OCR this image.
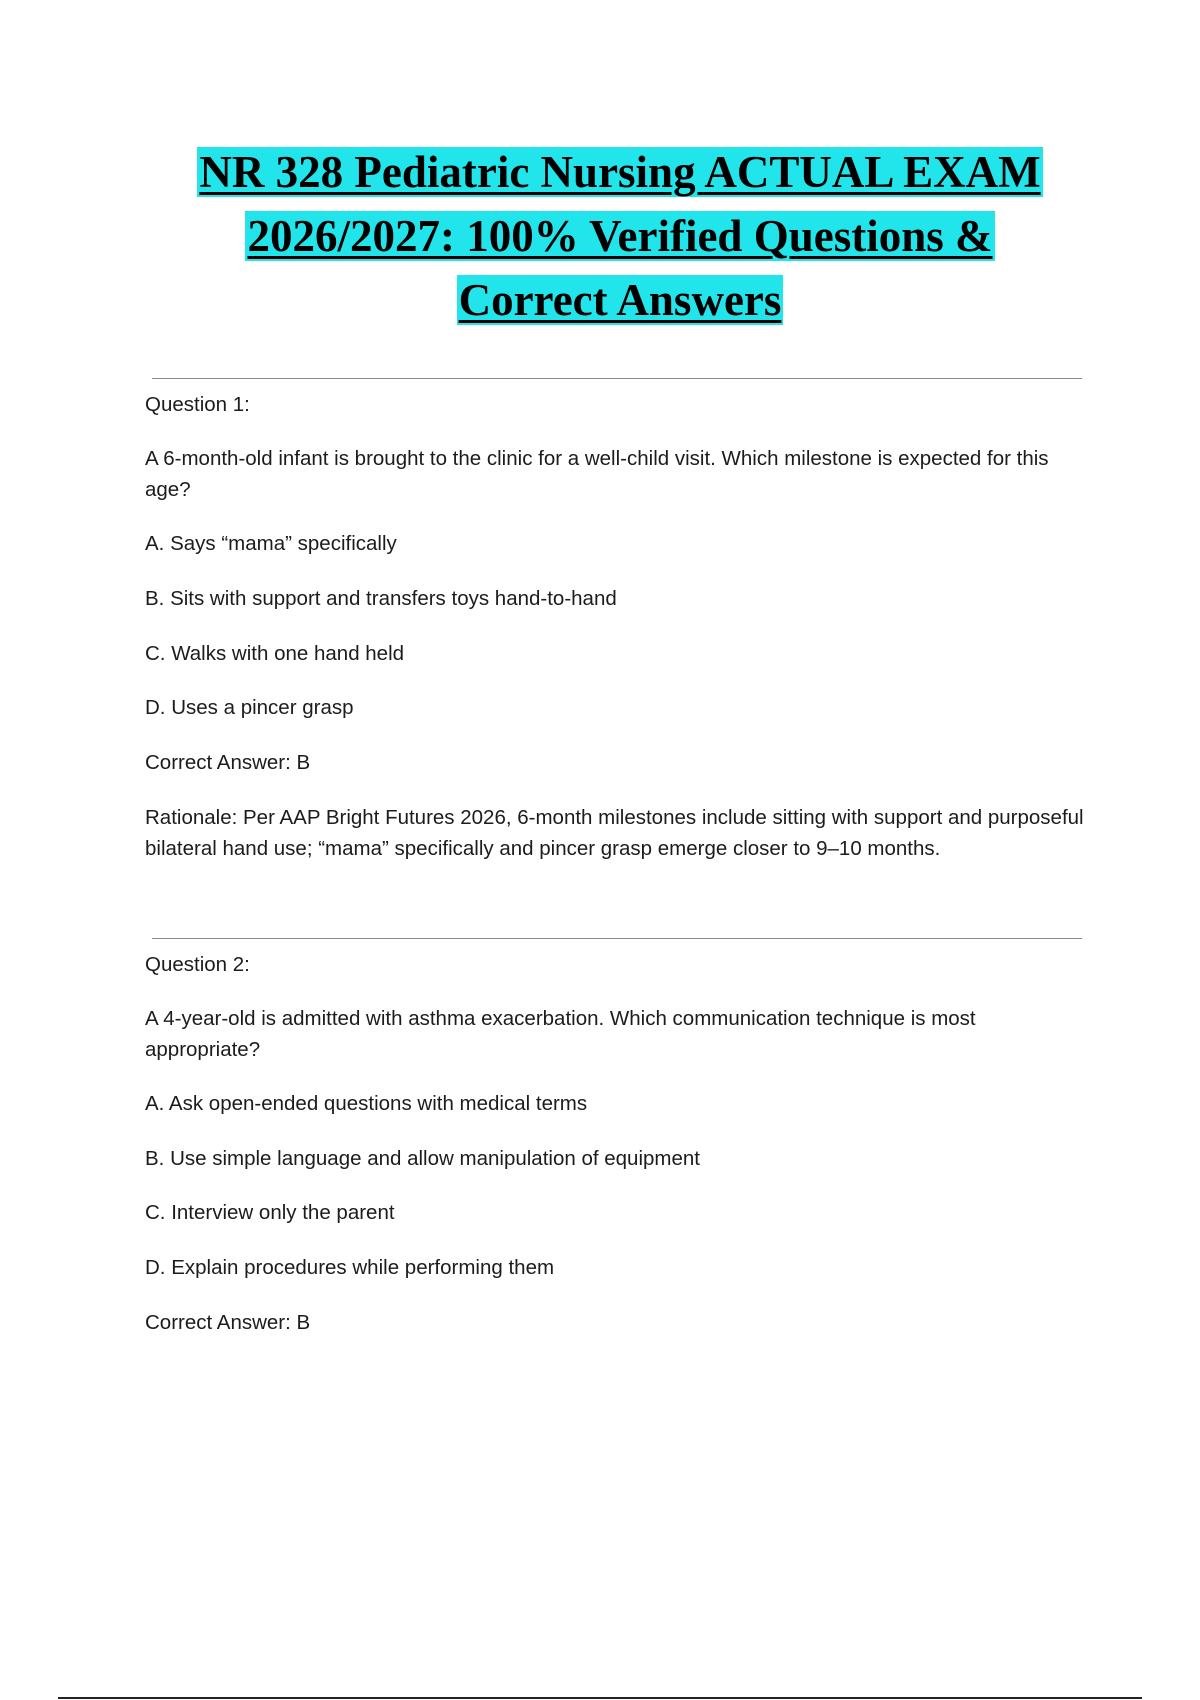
NR 328 Pediatric Nursing ACTUAL EXAM
2026/2027: 100% Verified Questions &
Correct Answers

Question 1:

A 6-month-old infant is brought to the clinic for a well-child visit. Which milestone is expected for this age?

A. Says “mama” specifically

B. Sits with support and transfers toys hand-to-hand

C. Walks with one hand held

D. Uses a pincer grasp

Correct Answer: B

Rationale: Per AAP Bright Futures 2026, 6-month milestones include sitting with support and purposeful bilateral hand use; “mama” specifically and pincer grasp emerge closer to 9–10 months.

Question 2:

A 4-year-old is admitted with asthma exacerbation. Which communication technique is most appropriate?

A. Ask open-ended questions with medical terms

B. Use simple language and allow manipulation of equipment

C. Interview only the parent

D. Explain procedures while performing them

Correct Answer: B
